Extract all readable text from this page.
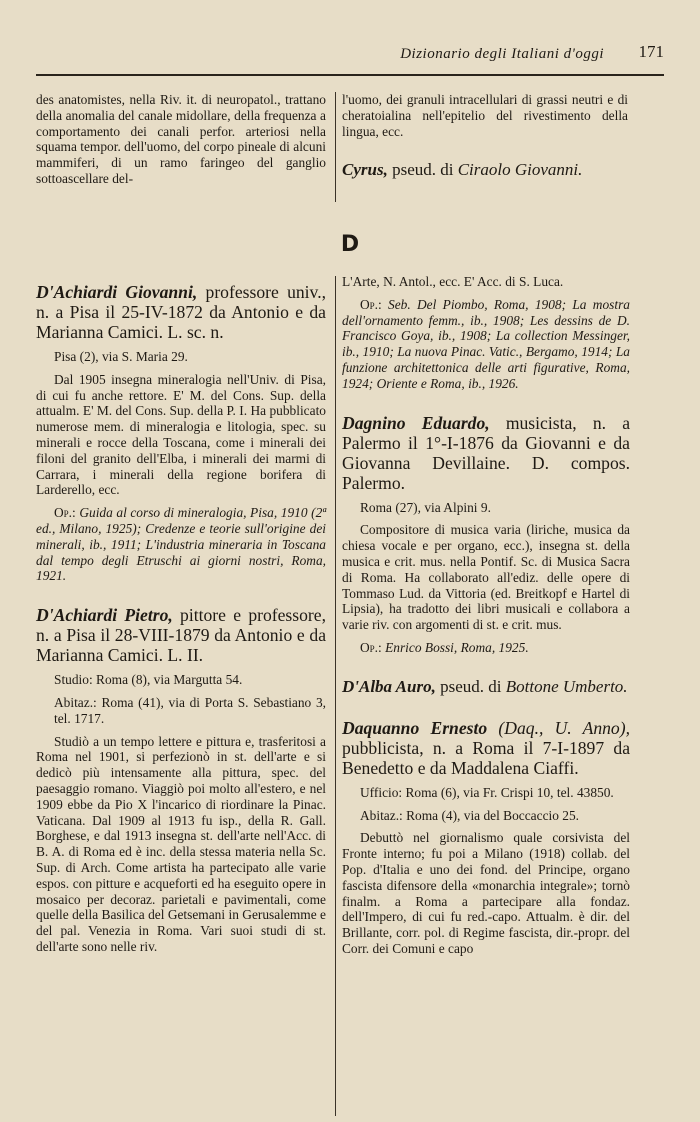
Dizionario degli Italiani d'oggi 171

des anatomistes, nella Riv. it. di neuropatol., trattano della anomalia del canale midollare, della frequenza a comportamento dei canali perfor. arteriosi nella squama tempor. dell'uomo, del corpo pineale di alcuni mammiferi, di un ramo faringeo del ganglio sottoascellare del-

l'uomo, dei granuli intracellulari di grassi neutri e di cheratoialina nell'epitelio del rivestimento della lingua, ecc.

Cyrus, pseud. di Ciraolo Giovanni.

D

D'Achiardi Giovanni, professore univ., n. a Pisa il 25-IV-1872 da Antonio e da Marianna Camici. L. sc. n.

Pisa (2), via S. Maria 29.

Dal 1905 insegna mineralogia nell'Univ. di Pisa, di cui fu anche rettore. E' M. del Cons. Sup. della attualm. E' M. del Cons. Sup. della P. I. Ha pubblicato numerose mem. di mineralogia e litologia, spec. su minerali e rocce della Toscana, come i minerali dei filoni del granito dell'Elba, i minerali dei marmi di Carrara, i minerali della regione borifera di Larderello, ecc.

Op.: Guida al corso di mineralogia, Pisa, 1910 (2ª ed., Milano, 1925); Credenze e teorie sull'origine dei minerali, ib., 1911; L'industria mineraria in Toscana dal tempo degli Etruschi ai giorni nostri, Roma, 1921.

D'Achiardi Pietro, pittore e professore, n. a Pisa il 28-VIII-1879 da Antonio e da Marianna Camici. L. II.

Studio: Roma (8), via Margutta 54.

Abitaz.: Roma (41), via di Porta S. Sebastiano 3, tel. 1717.

Studiò a un tempo lettere e pittura e, trasferitosi a Roma nel 1901, si perfezionò in st. dell'arte e si dedicò più intensamente alla pittura, spec. del paesaggio romano. Viaggiò poi molto all'estero, e nel 1909 ebbe da Pio X l'incarico di riordinare la Pinac. Vaticana. Dal 1909 al 1913 fu isp., della R. Gall. Borghese, e dal 1913 insegna st. dell'arte nell'Acc. di B. A. di Roma ed è inc. della stessa materia nella Sc. Sup. di Arch. Come artista ha partecipato alle varie espos. con pitture e acqueforti ed ha eseguito opere in mosaico per decoraz. parietali e pavimentali, come quelle della Basilica del Getsemani in Gerusalemme e del pal. Venezia in Roma. Vari suoi studi di st. dell'arte sono nelle riv.

L'Arte, N. Antol., ecc. E' Acc. di S. Luca.

Op.: Seb. Del Piombo, Roma, 1908; La mostra dell'ornamento femm., ib., 1908; Les dessins de D. Francisco Goya, ib., 1908; La collection Messinger, ib., 1910; La nuova Pinac. Vatic., Bergamo, 1914; La funzione architettonica delle arti figurative, Roma, 1924; Oriente e Roma, ib., 1926.

Dagnino Eduardo, musicista, n. a Palermo il 1°-I-1876 da Giovanni e da Giovanna Devillaine. D. compos. Palermo.

Roma (27), via Alpini 9.

Compositore di musica varia (liriche, musica da chiesa vocale e per organo, ecc.), insegna st. della musica e crit. mus. nella Pontif. Sc. di Musica Sacra di Roma. Ha collaborato all'ediz. delle opere di Tommaso Lud. da Vittoria (ed. Breitkopf e Hartel di Lipsia), ha tradotto dei libri musicali e collabora a varie riv. con argomenti di st. e crit. mus.

Op.: Enrico Bossi, Roma, 1925.

D'Alba Auro, pseud. di Bottone Umberto.

Daquanno Ernesto (Daq., U. Anno), pubblicista, n. a Roma il 7-I-1897 da Benedetto e da Maddalena Ciaffi.

Ufficio: Roma (6), via Fr. Crispi 10, tel. 43850.

Abitaz.: Roma (4), via del Boccaccio 25.

Debuttò nel giornalismo quale corsivista del Fronte interno; fu poi a Milano (1918) collab. del Pop. d'Italia e uno dei fond. del Principe, organo fascista difensore della «monarchia integrale»; tornò finalm. a Roma a partecipare alla fondaz. dell'Impero, di cui fu red.-capo. Attualm. è dir. del Brillante, corr. pol. di Regime fascista, dir.-propr. del Corr. dei Comuni e capo
